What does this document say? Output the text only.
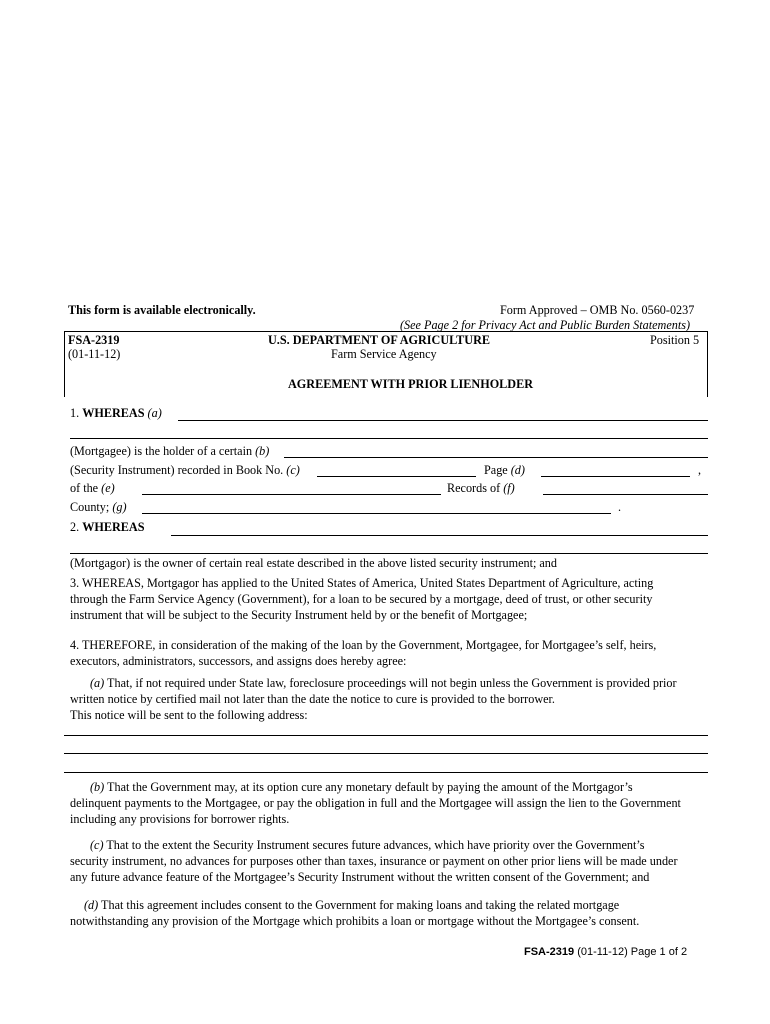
This form is available electronically.	Form Approved – OMB No. 0560-0237
(See Page 2 for Privacy Act and Public Burden Statements)
FSA-2319
(01-11-12)
U.S. DEPARTMENT OF AGRICULTURE
Farm Service Agency
Position 5
AGREEMENT WITH PRIOR LIENHOLDER
1. WHEREAS (a)
(Mortgagee) is the holder of a certain (b)
(Security Instrument) recorded in Book No. (c)	Page (d)	,
of the (e)	Records of (f)
County; (g)	.
2. WHEREAS
(Mortgagor) is the owner of certain real estate described in the above listed security instrument; and
3. WHEREAS, Mortgagor has applied to the United States of America, United States Department of Agriculture, acting
through the Farm Service Agency (Government), for a loan to be secured by a mortgage, deed of trust, or other security
instrument that will be subject to the Security Instrument held by or the benefit of Mortgagee;
4. THEREFORE, in consideration of the making of the loan by the Government, Mortgagee, for Mortgagee’s self, heirs,
executors, administrators, successors, and assigns does hereby agree:
(a) That, if not required under State law, foreclosure proceedings will not begin unless the Government is provided prior
written notice by certified mail not later than the date the notice to cure is provided to the borrower.
This notice will be sent to the following address:
(b) That the Government may, at its option cure any monetary default by paying the amount of the Mortgagor’s
delinquent payments to the Mortgagee, or pay the obligation in full and the Mortgagee will assign the lien to the Government
including any provisions for borrower rights.
(c) That to the extent the Security Instrument secures future advances, which have priority over the Government’s
security instrument, no advances for purposes other than taxes, insurance or payment on other prior liens will be made under
any future advance feature of the Mortgagee’s Security Instrument without the written consent of the Government; and
(d) That this agreement includes consent to the Government for making loans and taking the related mortgage
notwithstanding any provision of the Mortgage which prohibits a loan or mortgage without the Mortgagee’s consent.
FSA-2319 (01-11-12) Page 1 of 2
